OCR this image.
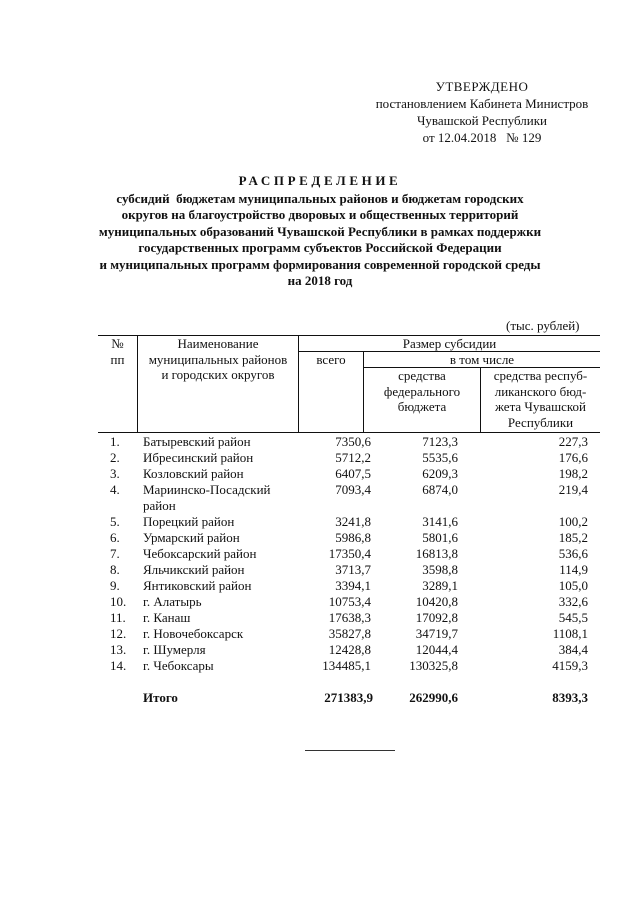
УТВЕРЖДЕНО
постановлением Кабинета Министров
Чувашской Республики
от 12.04.2018   № 129
РАСПРЕДЕЛЕНИЕ
субсидий  бюджетам муниципальных районов и бюджетам городских
округов на благоустройство дворовых и общественных территорий
муниципальных образований Чувашской Республики в рамках поддержки
государственных программ субъектов Российской Федерации
и муниципальных программ формирования современной городской среды
на 2018 год
(тыс. рублей)
№
пп
Наименование
муниципальных районов
и городских округов
Размер субсидии
всего	в том числе
средства
федерального
бюджета
средства респуб-
ликанского бюд-
жета Чувашской
Республики
1.	Батыревский район	7350,6	7123,3	227,3
2.	Ибресинский район	5712,2	5535,6	176,6
3.	Козловский район	6407,5	6209,3	198,2
4.	Мариинско-Посадский
район
7093,4	6874,0	219,4
5.	Порецкий район	3241,8	3141,6	100,2
6.	Урмарский район	5986,8	5801,6	185,2
7.	Чебоксарский район	17350,4	16813,8	536,6
8.	Яльчикский район	3713,7	3598,8	114,9
9.	Янтиковский район	3394,1	3289,1	105,0
10.	г. Алатырь	10753,4	10420,8	332,6
11.	г. Канаш	17638,3	17092,8	545,5
12.	г. Новочебоксарск	35827,8	34719,7	1108,1
13.	г. Шумерля	12428,8	12044,4	384,4
14.	г. Чебоксары	134485,1	130325,8	4159,3
Итого	271383,9	262990,6	8393,3
